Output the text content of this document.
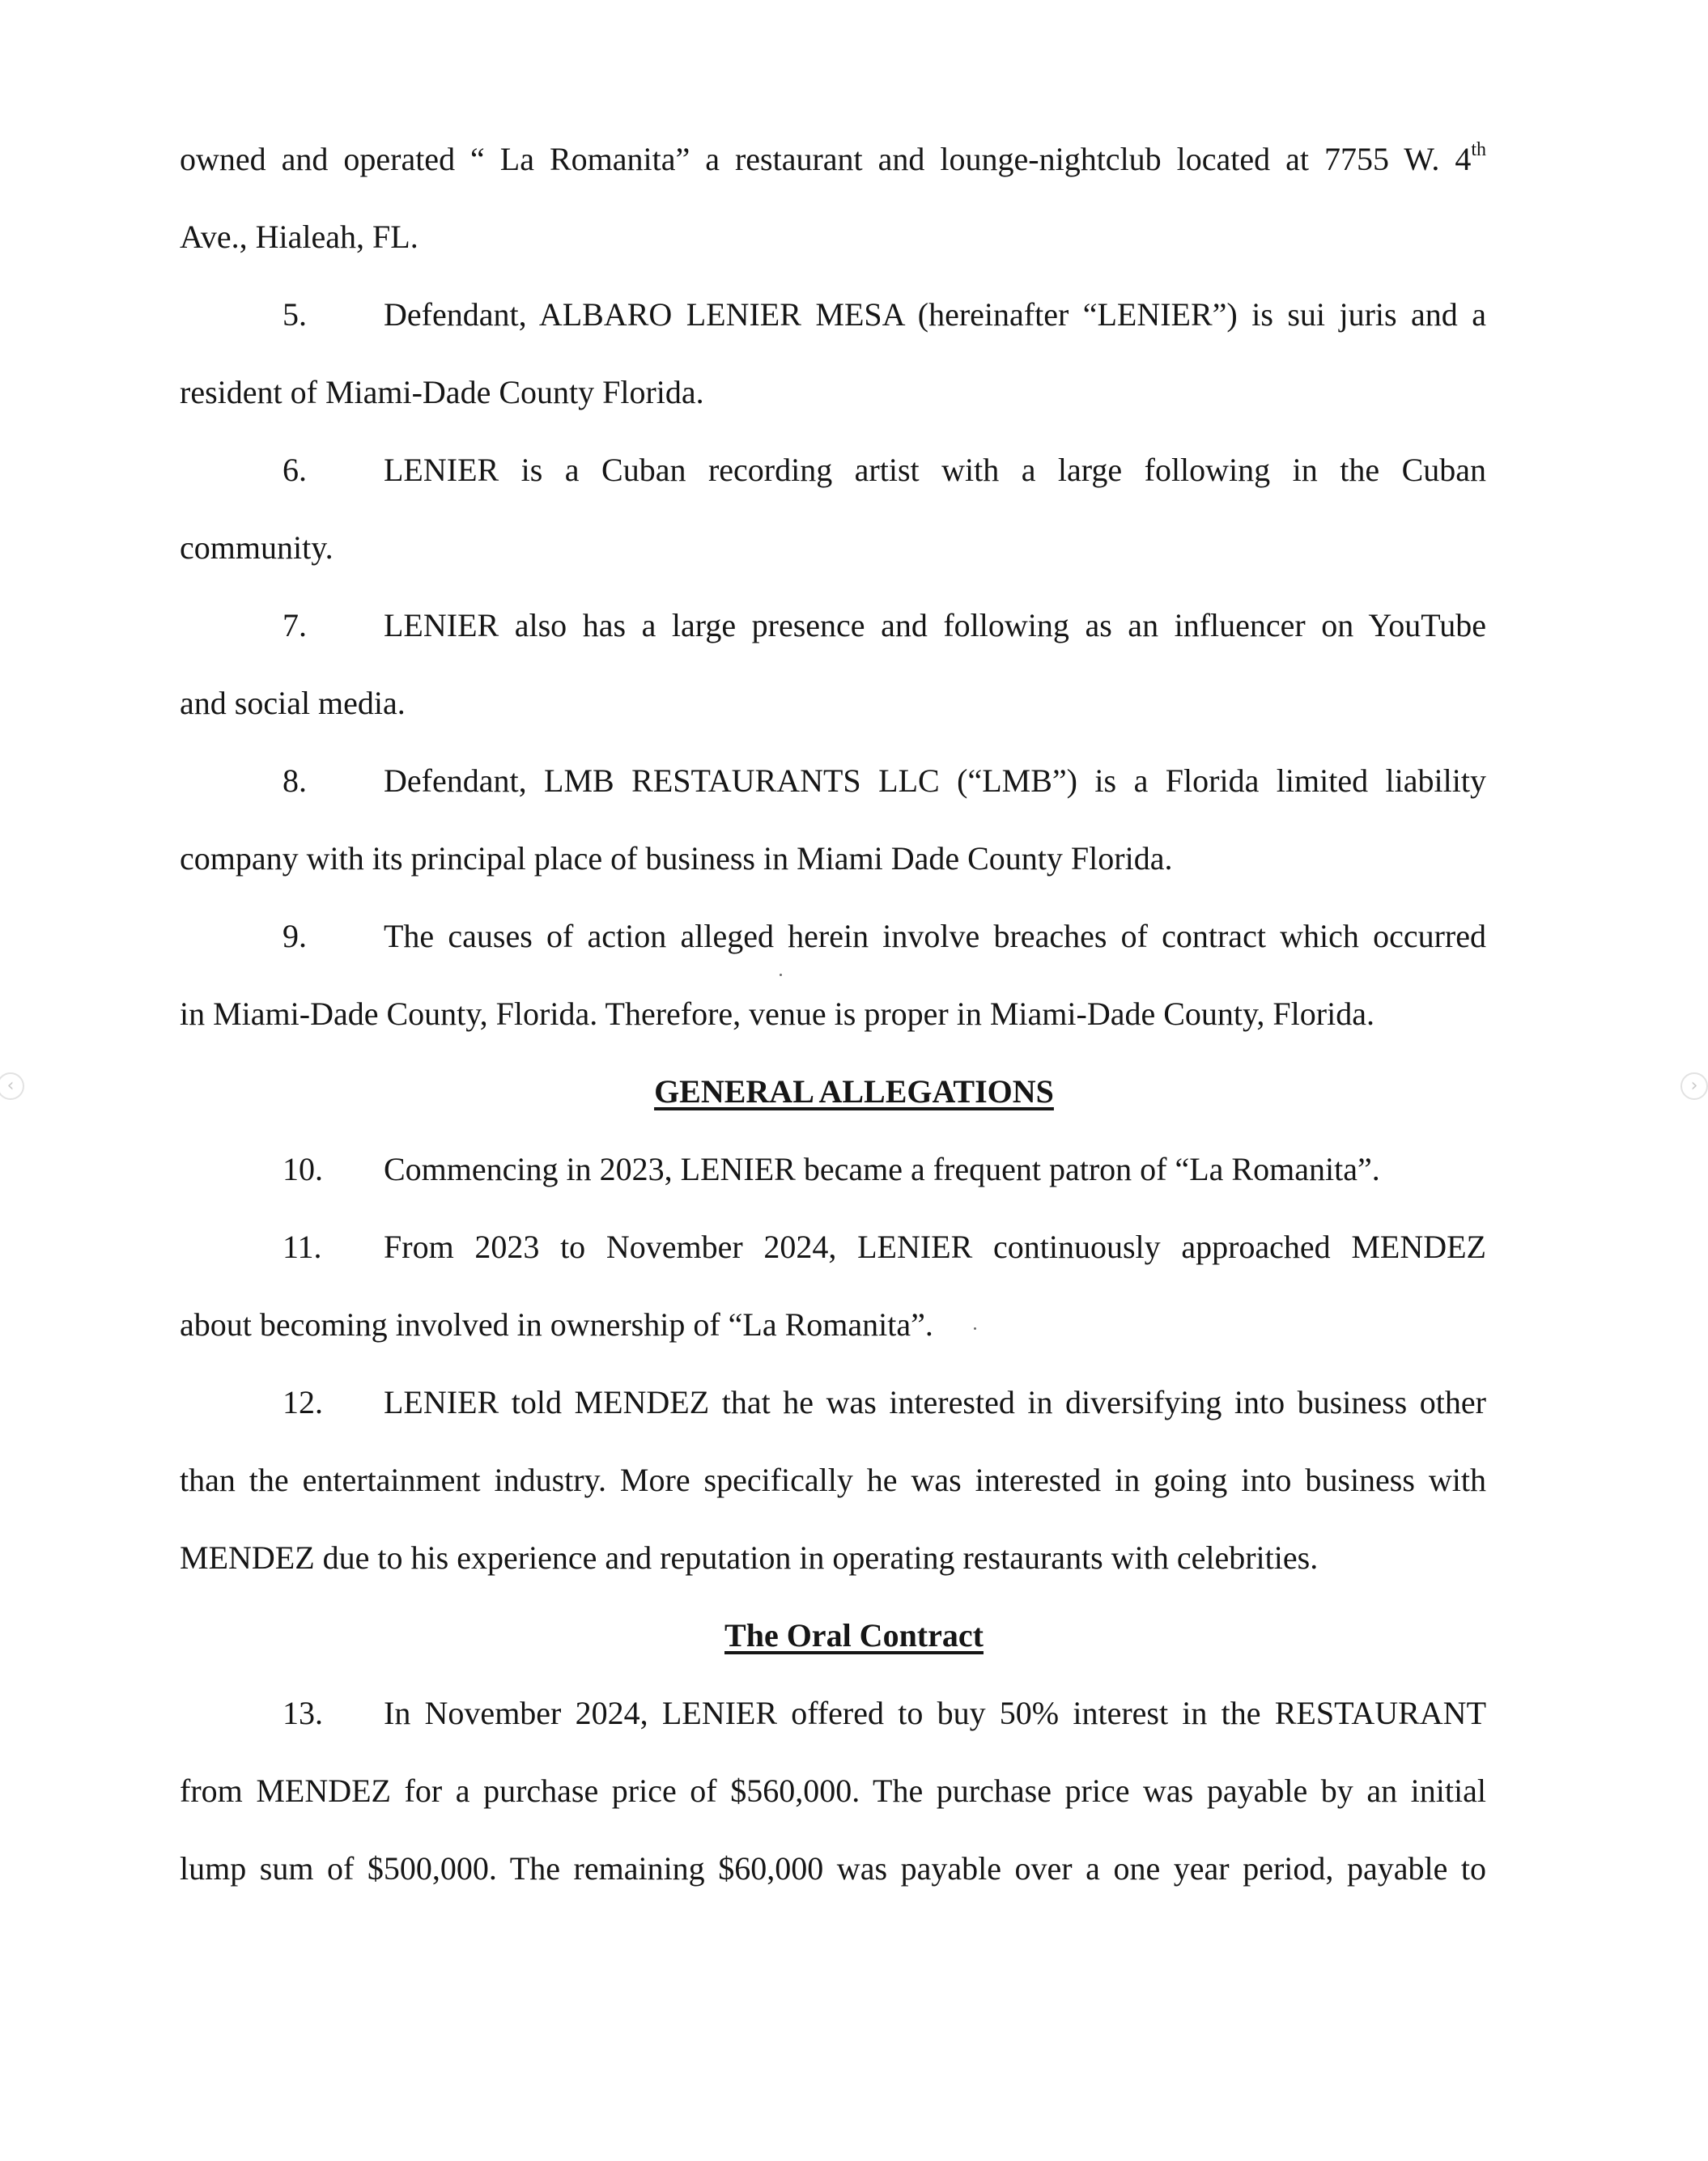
‹	›
owned and operated “ La Romanita” a restaurant and lounge-nightclub located at 7755 W. 4th
Ave., Hialeah, FL.
5. Defendant, ALBARO LENIER MESA (hereinafter “LENIER”) is sui juris and a
resident of Miami-Dade County Florida.
6. LENIER is a Cuban recording artist with a large following in the Cuban
community.
7. LENIER also has a large presence and following as an influencer on YouTube
and social media.
8. Defendant, LMB RESTAURANTS LLC (“LMB”) is a Florida limited liability
company with its principal place of business in Miami Dade County Florida.
9. The causes of action alleged herein involve breaches of contract which occurred
in Miami-Dade County, Florida. Therefore, venue is proper in Miami-Dade County, Florida.
GENERAL ALLEGATIONS
10. Commencing in 2023, LENIER became a frequent patron of “La Romanita”.
11. From 2023 to November 2024, LENIER continuously approached MENDEZ
about becoming involved in ownership of “La Romanita”.
12. LENIER told MENDEZ that he was interested in diversifying into business other
than the entertainment industry. More specifically he was interested in going into business with
MENDEZ due to his experience and reputation in operating restaurants with celebrities.
The Oral Contract
13. In November 2024, LENIER offered to buy 50% interest in the RESTAURANT
from MENDEZ for a purchase price of $560,000. The purchase price was payable by an initial
lump sum of $500,000. The remaining $60,000 was payable over a one year period, payable to
